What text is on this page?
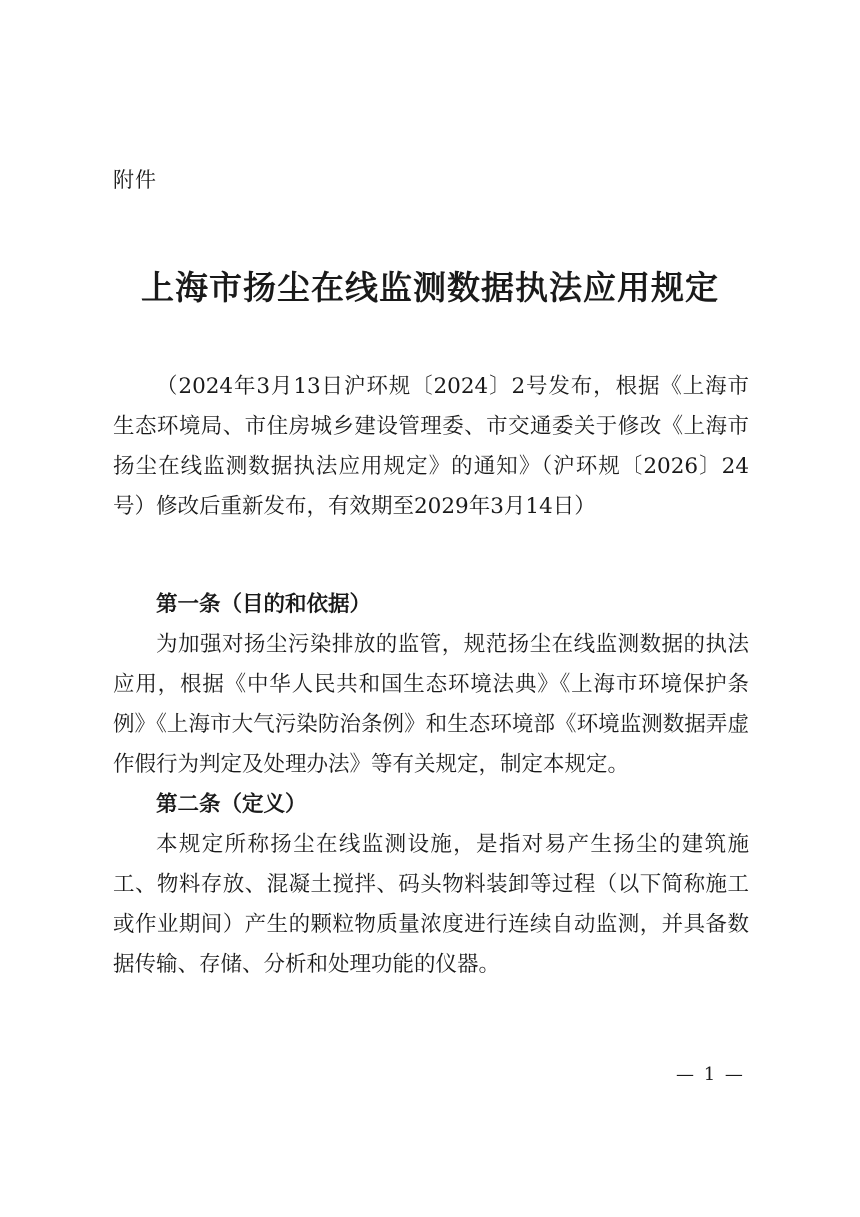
附件
上海市扬尘在线监测数据执法应用规定

（2024年3月13日沪环规〔2024〕2号发布，根据《上海市生态环境局、市住房城乡建设管理委、市交通委关于修改《上海市扬尘在线监测数据执法应用规定》的通知》（沪环规〔2026〕24号）修改后重新发布，有效期至2029年3月14日）

第一条（目的和依据）

为加强对扬尘污染排放的监管，规范扬尘在线监测数据的执法应用，根据《中华人民共和国生态环境法典》《上海市环境保护条例》《上海市大气污染防治条例》和生态环境部《环境监测数据弄虚作假行为判定及处理办法》等有关规定，制定本规定。

第二条（定义）

本规定所称扬尘在线监测设施，是指对易产生扬尘的建筑施工、物料存放、混凝土搅拌、码头物料装卸等过程（以下简称施工或作业期间）产生的颗粒物质量浓度进行连续自动监测，并具备数据传输、存储、分析和处理功能的仪器。

— 1 —
